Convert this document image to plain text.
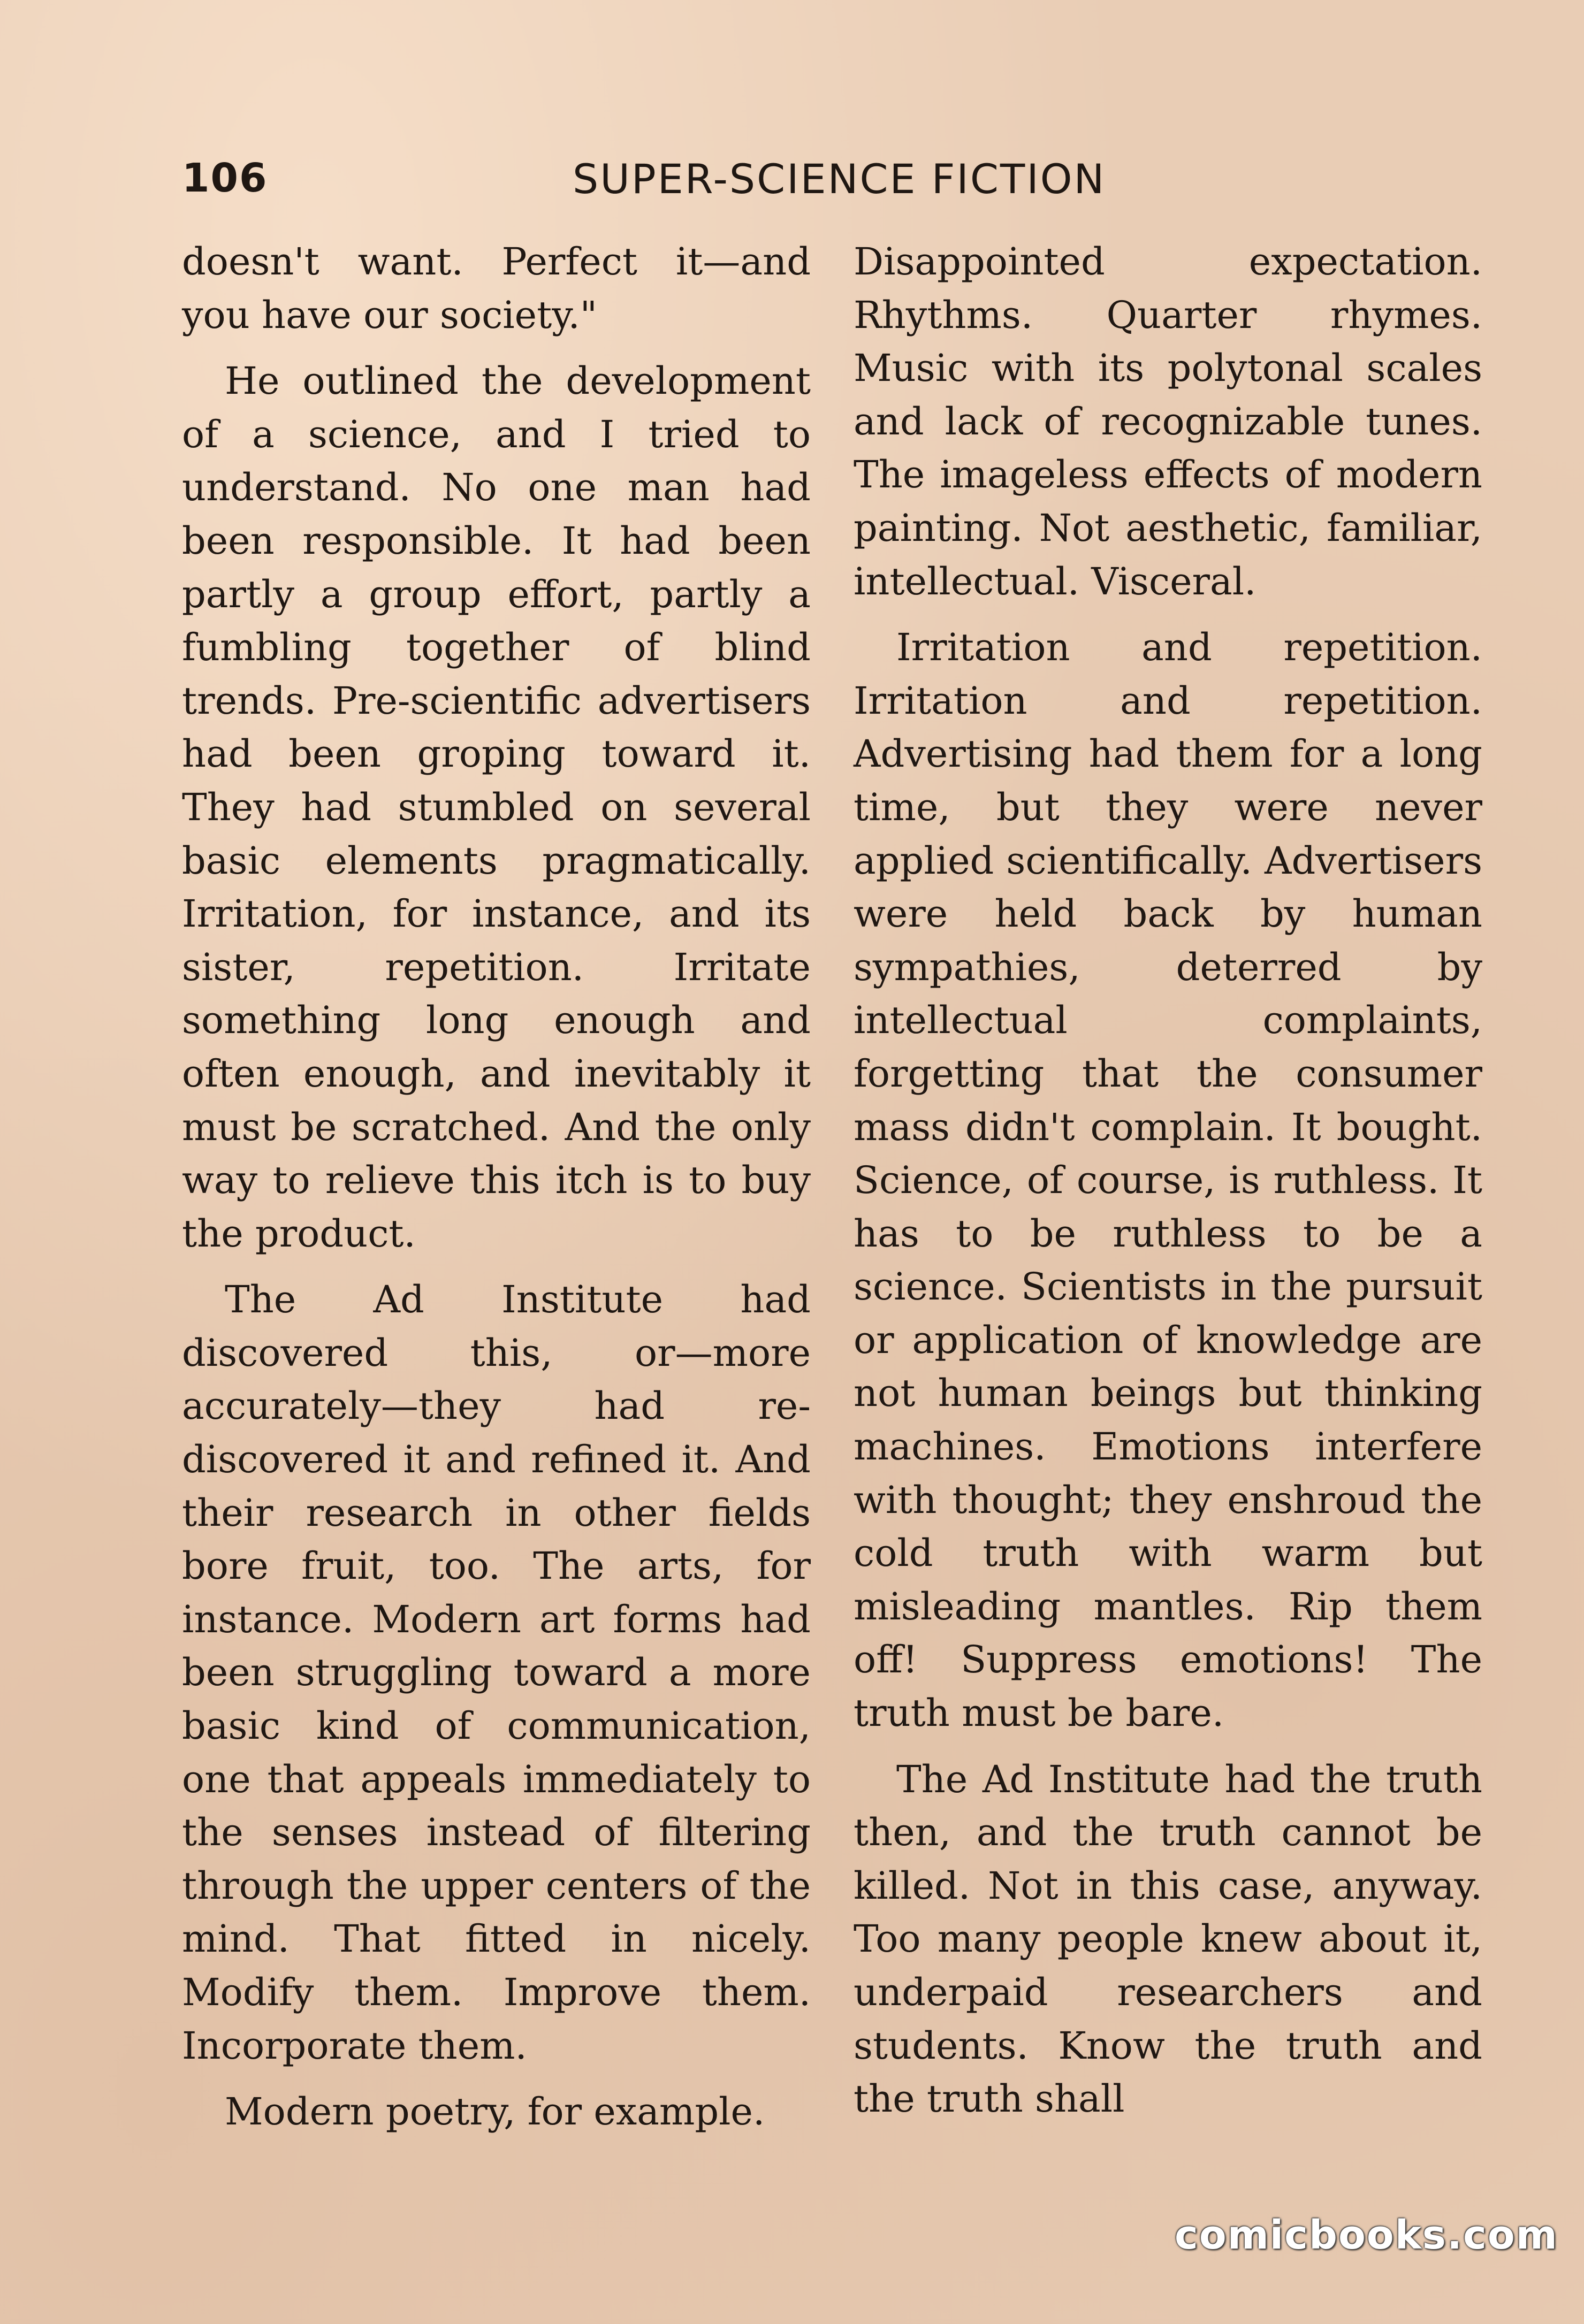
106	SUPER-SCIENCE FICTION

doesn't want. Perfect it—and you have our society."

He outlined the development of a science, and I tried to understand. No one man had been responsible. It had been partly a group effort, partly a fumbling together of blind trends. Pre-scientific advertisers had been groping toward it. They had stumbled on several basic elements pragmatically. Irritation, for instance, and its sister, repetition. Irritate something long enough and often enough, and inevitably it must be scratched. And the only way to relieve this itch is to buy the product.

The Ad Institute had discovered this, or—more accurately—they had re-discovered it and refined it. And their research in other fields bore fruit, too. The arts, for instance. Modern art forms had been struggling toward a more basic kind of communication, one that appeals immediately to the senses instead of filtering through the upper centers of the mind. That fitted in nicely. Modify them. Improve them. Incorporate them.

Modern poetry, for example.

Disappointed expectation. Rhythms. Quarter rhymes. Music with its polytonal scales and lack of recognizable tunes. The imageless effects of modern painting. Not aesthetic, familiar, intellectual. Visceral.

Irritation and repetition. Irritation and repetition. Advertising had them for a long time, but they were never applied scientifically. Advertisers were held back by human sympathies, deterred by intellectual complaints, forgetting that the consumer mass didn't complain. It bought. Science, of course, is ruthless. It has to be ruthless to be a science. Scientists in the pursuit or application of knowledge are not human beings but thinking machines. Emotions interfere with thought; they enshroud the cold truth with warm but misleading mantles. Rip them off! Suppress emotions! The truth must be bare.

The Ad Institute had the truth then, and the truth cannot be killed. Not in this case, anyway. Too many people knew about it, underpaid researchers and students. Know the truth and the truth shall

comicbooks.com
